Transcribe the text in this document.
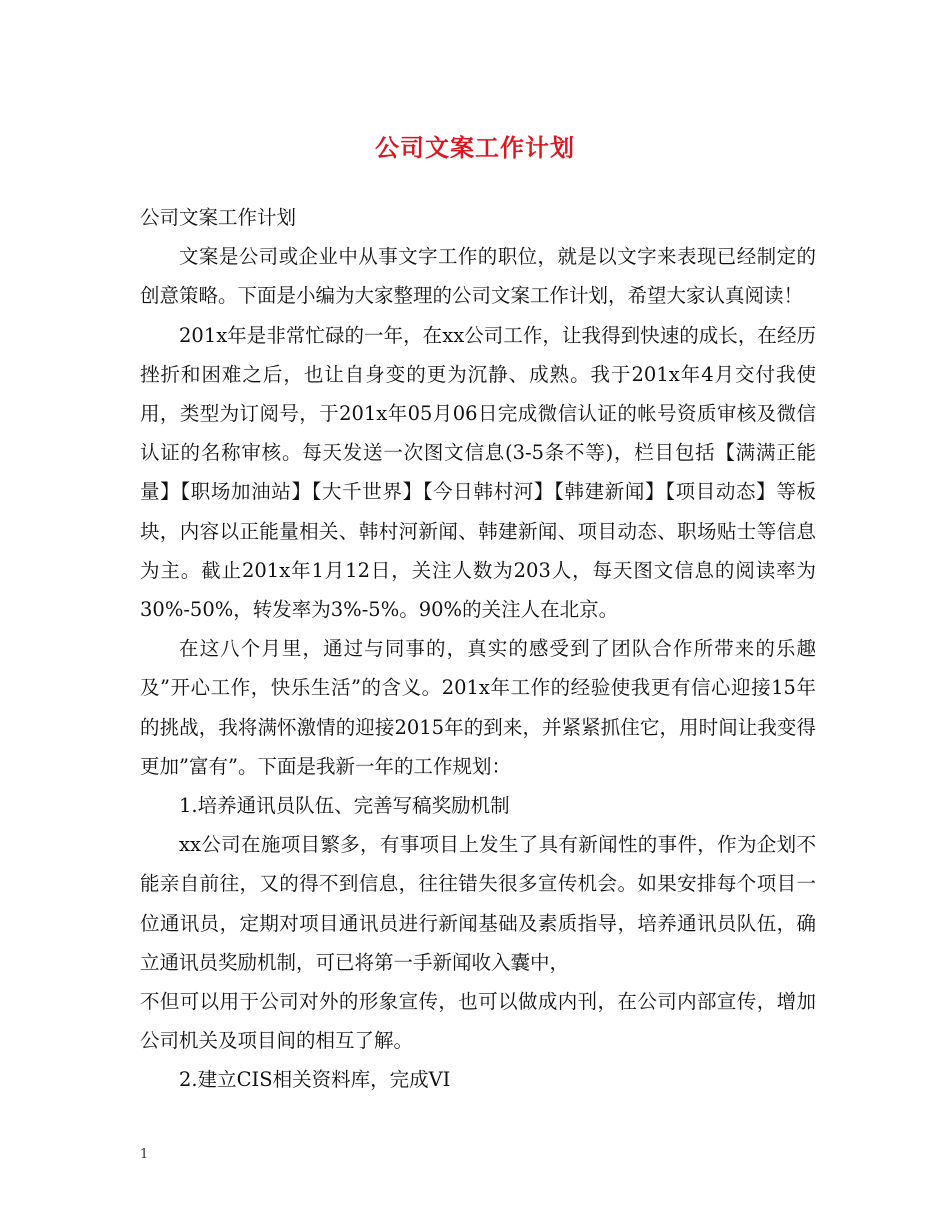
公司文案工作计划

公司文案工作计划

文案是公司或企业中从事文字工作的职位，就是以文字来表现已经制定的创意策略。下面是小编为大家整理的公司文案工作计划，希望大家认真阅读！

201x年是非常忙碌的一年，在xx公司工作，让我得到快速的成长，在经历挫折和困难之后，也让自身变的更为沉静、成熟。我于201x年4月交付我使用，类型为订阅号，于201x年05月06日完成微信认证的帐号资质审核及微信认证的名称审核。每天发送一次图文信息(3-5条不等)，栏目包括【满满正能量】【职场加油站】【大千世界】【今日韩村河】【韩建新闻】【项目动态】等板块，内容以正能量相关、韩村河新闻、韩建新闻、项目动态、职场贴士等信息为主。截止201x年1月12日，关注人数为203人，每天图文信息的阅读率为30%-50%，转发率为3%-5%。90%的关注人在北京。

在这八个月里，通过与同事的，真实的感受到了团队合作所带来的乐趣及”开心工作，快乐生活”的含义。201x年工作的经验使我更有信心迎接15年的挑战，我将满怀激情的迎接2015年的到来，并紧紧抓住它，用时间让我变得更加”富有”。下面是我新一年的工作规划：

1.培养通讯员队伍、完善写稿奖励机制

xx公司在施项目繁多，有事项目上发生了具有新闻性的事件，作为企划不能亲自前往，又的得不到信息，往往错失很多宣传机会。如果安排每个项目一位通讯员，定期对项目通讯员进行新闻基础及素质指导，培养通讯员队伍，确立通讯员奖励机制，可已将第一手新闻收入囊中，

不但可以用于公司对外的形象宣传，也可以做成内刊，在公司内部宣传，增加公司机关及项目间的相互了解。

2.建立CIS相关资料库，完成VI

1
